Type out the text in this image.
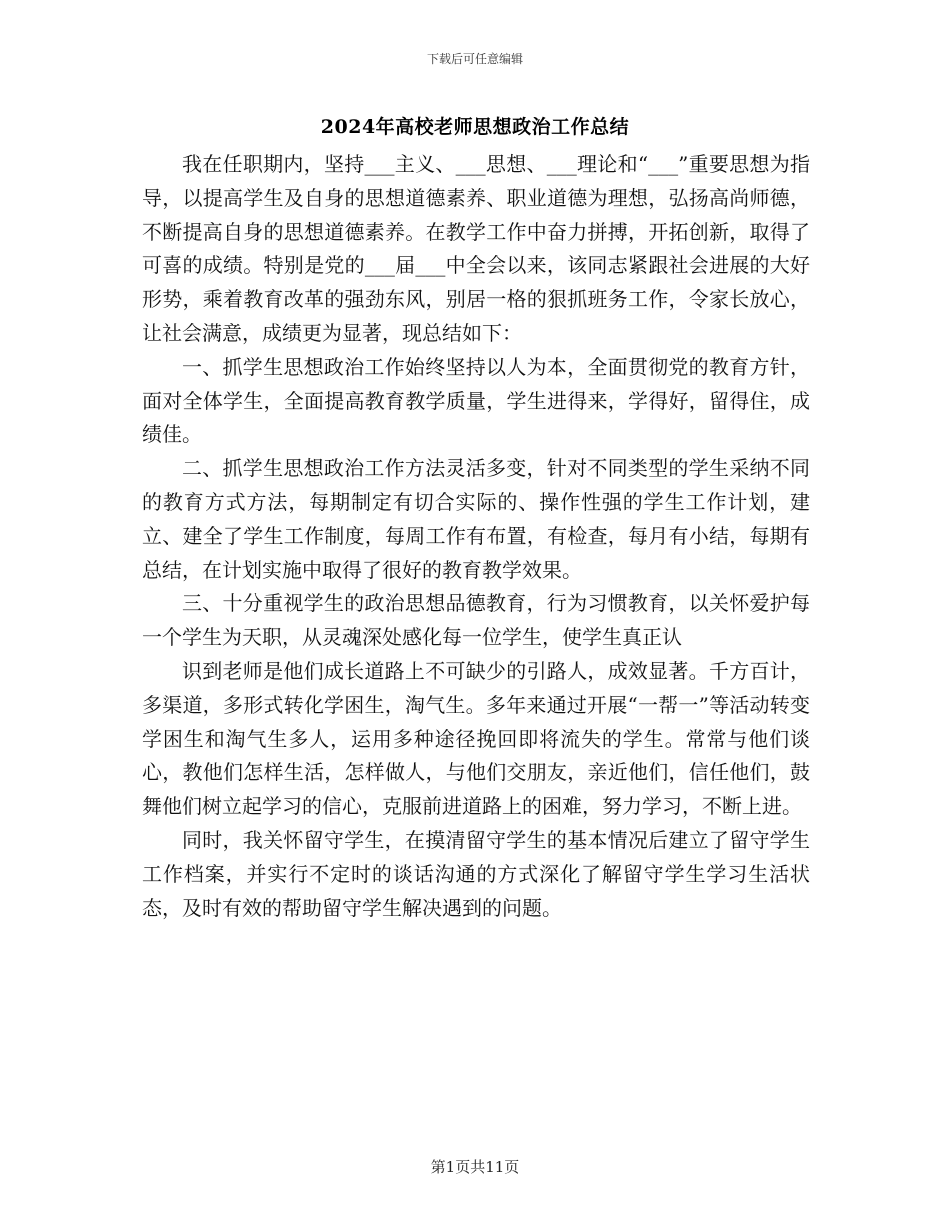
下载后可任意编辑
2024年高校老师思想政治工作总结

我在任职期内，坚持___主义、___思想、___理论和“___”重要思想为指导，以提高学生及自身的思想道德素养、职业道德为理想，弘扬高尚师德，不断提高自身的思想道德素养。在教学工作中奋力拼搏，开拓创新，取得了可喜的成绩。特别是党的___届___中全会以来，该同志紧跟社会进展的大好形势，乘着教育改革的强劲东风，别居一格的狠抓班务工作，令家长放心，让社会满意，成绩更为显著，现总结如下：

一、抓学生思想政治工作始终坚持以人为本，全面贯彻党的教育方针，面对全体学生，全面提高教育教学质量，学生进得来，学得好，留得住，成绩佳。

二、抓学生思想政治工作方法灵活多变，针对不同类型的学生采纳不同的教育方式方法，每期制定有切合实际的、操作性强的学生工作计划，建立、建全了学生工作制度，每周工作有布置，有检查，每月有小结，每期有总结，在计划实施中取得了很好的教育教学效果。

三、十分重视学生的政治思想品德教育，行为习惯教育，以关怀爱护每一个学生为天职，从灵魂深处感化每一位学生，使学生真正认

识到老师是他们成长道路上不可缺少的引路人，成效显著。千方百计，多渠道，多形式转化学困生，淘气生。多年来通过开展“一帮一”等活动转变学困生和淘气生多人，运用多种途径挽回即将流失的学生。常常与他们谈心，教他们怎样生活，怎样做人，与他们交朋友，亲近他们，信任他们，鼓舞他们树立起学习的信心，克服前进道路上的困难，努力学习，不断上进。

同时，我关怀留守学生，在摸清留守学生的基本情况后建立了留守学生工作档案，并实行不定时的谈话沟通的方式深化了解留守学生学习生活状态，及时有效的帮助留守学生解决遇到的问题。

第1页共11页
